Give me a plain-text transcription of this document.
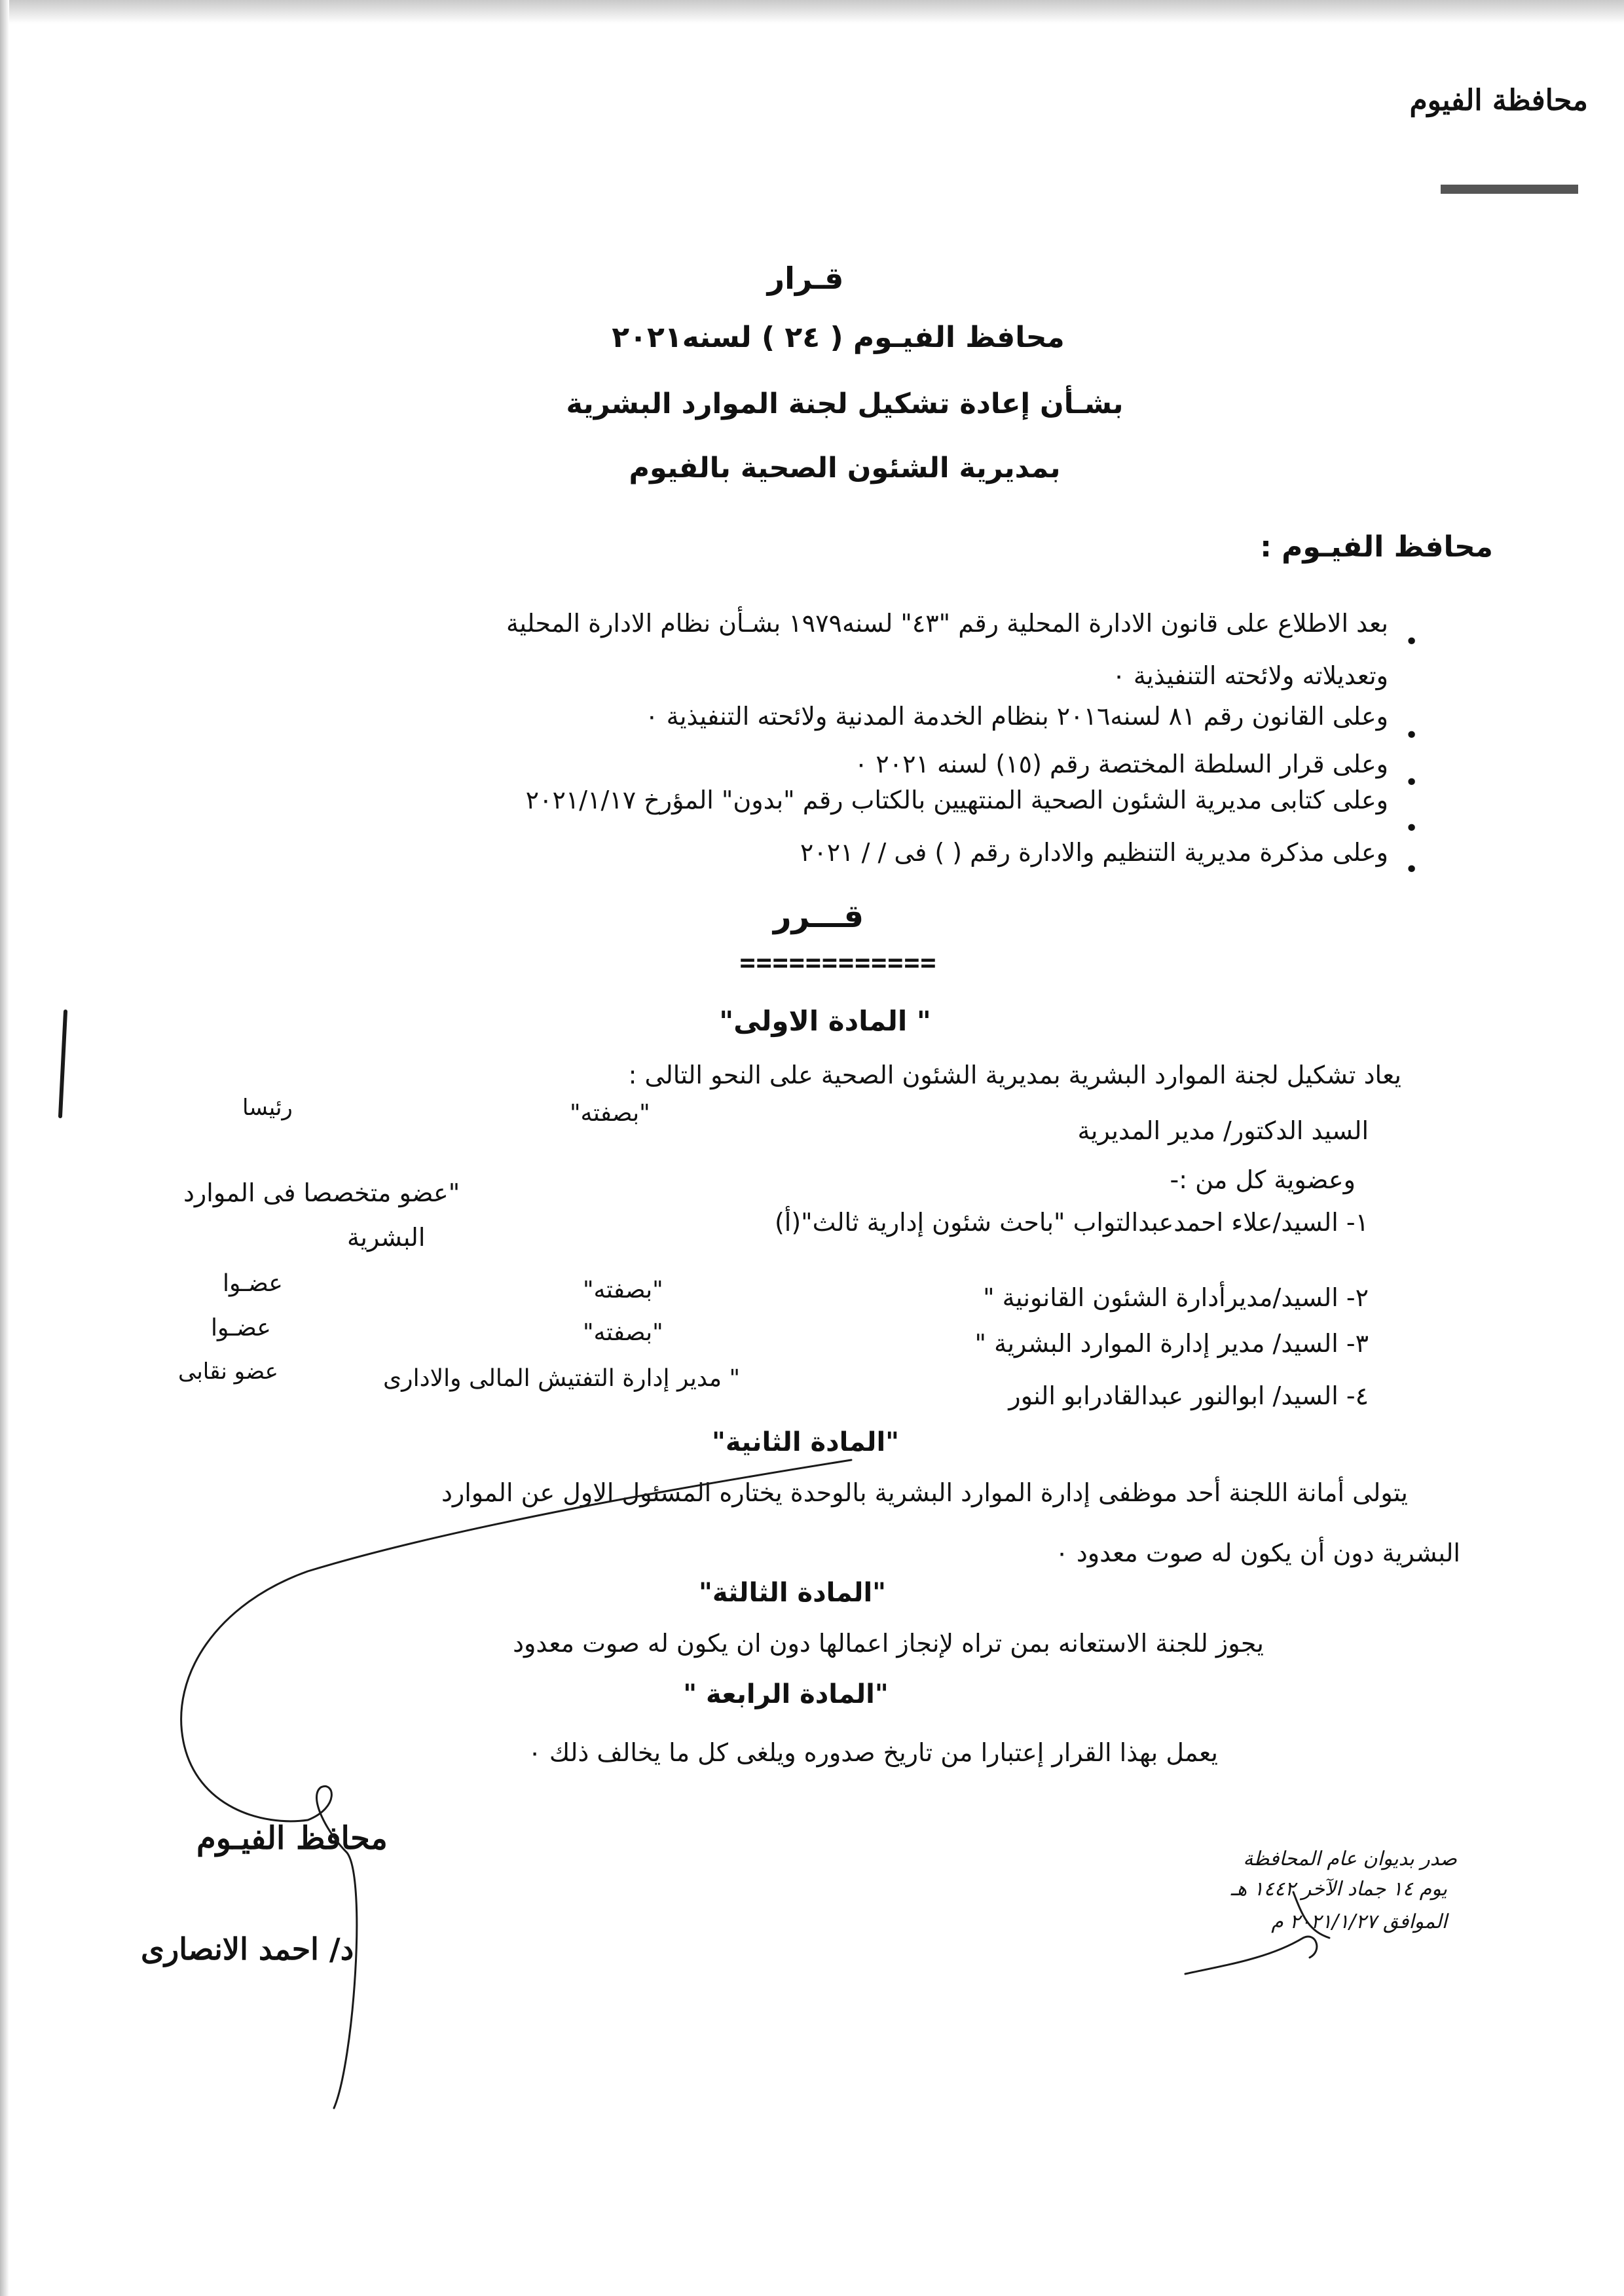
محافظة الفيوم
قـرار
محافظ الفيـوم ( ٢٤ ) لسنه٢٠٢١
بشـأن إعادة تشكيل لجنة الموارد البشرية
بمديرية الشئون الصحية بالفيوم
محافظ الفيـوم :
•
بعد الاطلاع على قانون الادارة المحلية رقم "٤٣" لسنه١٩٧٩ بشـأن نظام الادارة المحلية
وتعديلاته ولائحته التنفيذية ٠
•
وعلى القانون رقم ٨١ لسنه٢٠١٦ بنظام الخدمة المدنية ولائحته التنفيذية ٠
•
وعلى قرار السلطة المختصة رقم (١٥) لسنه ٢٠٢١ ٠
•
وعلى كتابى مديرية الشئون الصحية المنتهيين بالكتاب رقم "بدون" المؤرخ ٢٠٢١/١/١٧
•
وعلى مذكرة مديرية التنظيم والادارة رقم ( ) فى / / ٢٠٢١
قـــرر
============
" المادة الاولى"
يعاد تشكيل لجنة الموارد البشرية بمديرية الشئون الصحية على النحو التالى :
السيد الدكتور/ مدير المديرية
"بصفته"
رئيسا
وعضوية كل من :-
١- السيد/علاء احمدعبدالتواب "باحث شئون إدارية ثالث"(أ)
"عضو متخصصا فى الموارد
البشرية
٢- السيد/مديرأدارة الشئون القانونية "
"بصفته"
عضـوا
٣- السيد/ مدير إدارة الموارد البشرية "
"بصفته"
عضـوا
٤- السيد/ ابوالنور عبدالقادرابو النور
" مدير إدارة التفتيش المالى والادارى
عضو نقابى
"المادة الثانية"
يتولى أمانة اللجنة أحد موظفى إدارة الموارد البشرية بالوحدة يختاره المسئول الاول عن الموارد
البشرية دون أن يكون له صوت معدود ٠
"المادة الثالثة"
يجوز للجنة الاستعانه بمن تراه لإنجاز اعمالها دون ان يكون له صوت معدود
"المادة الرابعة "
يعمل بهذا القرار إعتبارا من تاريخ صدوره ويلغى كل ما يخالف ذلك ٠
صدر بديوان عام المحافظة
يوم ١٤ جماد الآخر ١٤٤٢ هـ
الموافق ٢٠٢١/١/٢٧ م
محافظ الفيـوم
د/ احمد الانصارى
